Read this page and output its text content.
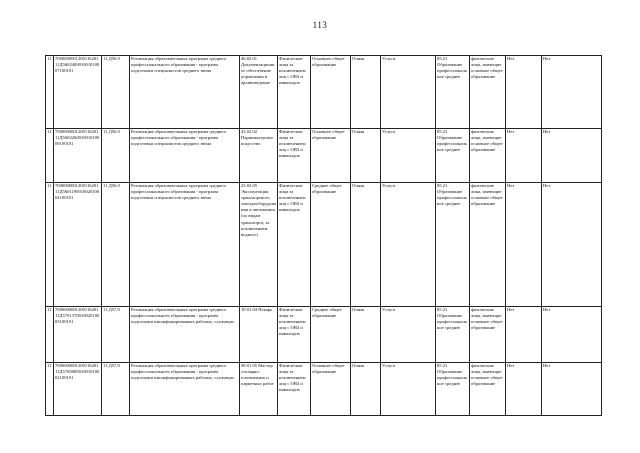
113
11	700000000120011620111Д560240001001010007100101	11.Д56.0	Реализация образовательных программ среднего профессионального образования - программ подготовки специалистов среднего звена	46.02.01 Документационное обеспечение управления и архивоведение	Физические лица за исключением лиц с ОВЗ и инвалидов	Основное общее образование	Очная	Услуга	85.21 Образование профессиональное среднее	физические лица, имеющие основное общее образование	Нет	Нет
11	700000000120011620111Д560226001001010009100101	11.Д56.0	Реализация образовательных программ среднего профессионального образования - программ подготовки специалистов среднего звена	43.02.02 Парикмахерское искусство	Физические лица за исключением лиц с ОВЗ и инвалидов	Основное общее образование	Очная	Услуга	85.21 Образование профессиональное среднее	физические лица, имеющие основное общее образование	Нет	Нет
11	700000000120011620111Д560119001002010004100101	11.Д56.0	Реализация образовательных программ среднего профессионального образования - программ подготовки специалистов среднего звена	23.02.05 Эксплуатация транспортного электрооборудования и автоматики (по видам транспорта, за исключением водного)	Физические лица за исключением лиц с ОВЗ и инвалидов	Среднее общее образование	Очная	Услуга	85.21 Образование профессиональное среднее	физические лица, имеющие основное общее образование	Нет	Нет
11	700000000120011620111Д570137001002010005100101	11.Д57.0	Реализация образовательных программ среднего профессионального образования - программ подготовки квалифицированных рабочих, служащих	19.01.04 Пекарь	Физические лица за исключением лиц с ОВЗ и инвалидов	Среднее общее образование	Очная	Услуга	85.21 Образование профессиональное среднее	физические лица, имеющие основное общее образование	Нет	Нет
11	700000000120011620111Д570008001001010002100101	11.Д57.0	Реализация образовательных программ среднего профессионального образования - программ подготовки квалифицированных рабочих, служащих	08.01.05 Мастер столярно-плотничных и паркетных работ	Физические лица за исключением лиц с ОВЗ и инвалидов	Основное общее образование	Очная	Услуга	85.21 Образование профессиональное среднее	физические лица, имеющие основное общее образование	Нет	Нет
